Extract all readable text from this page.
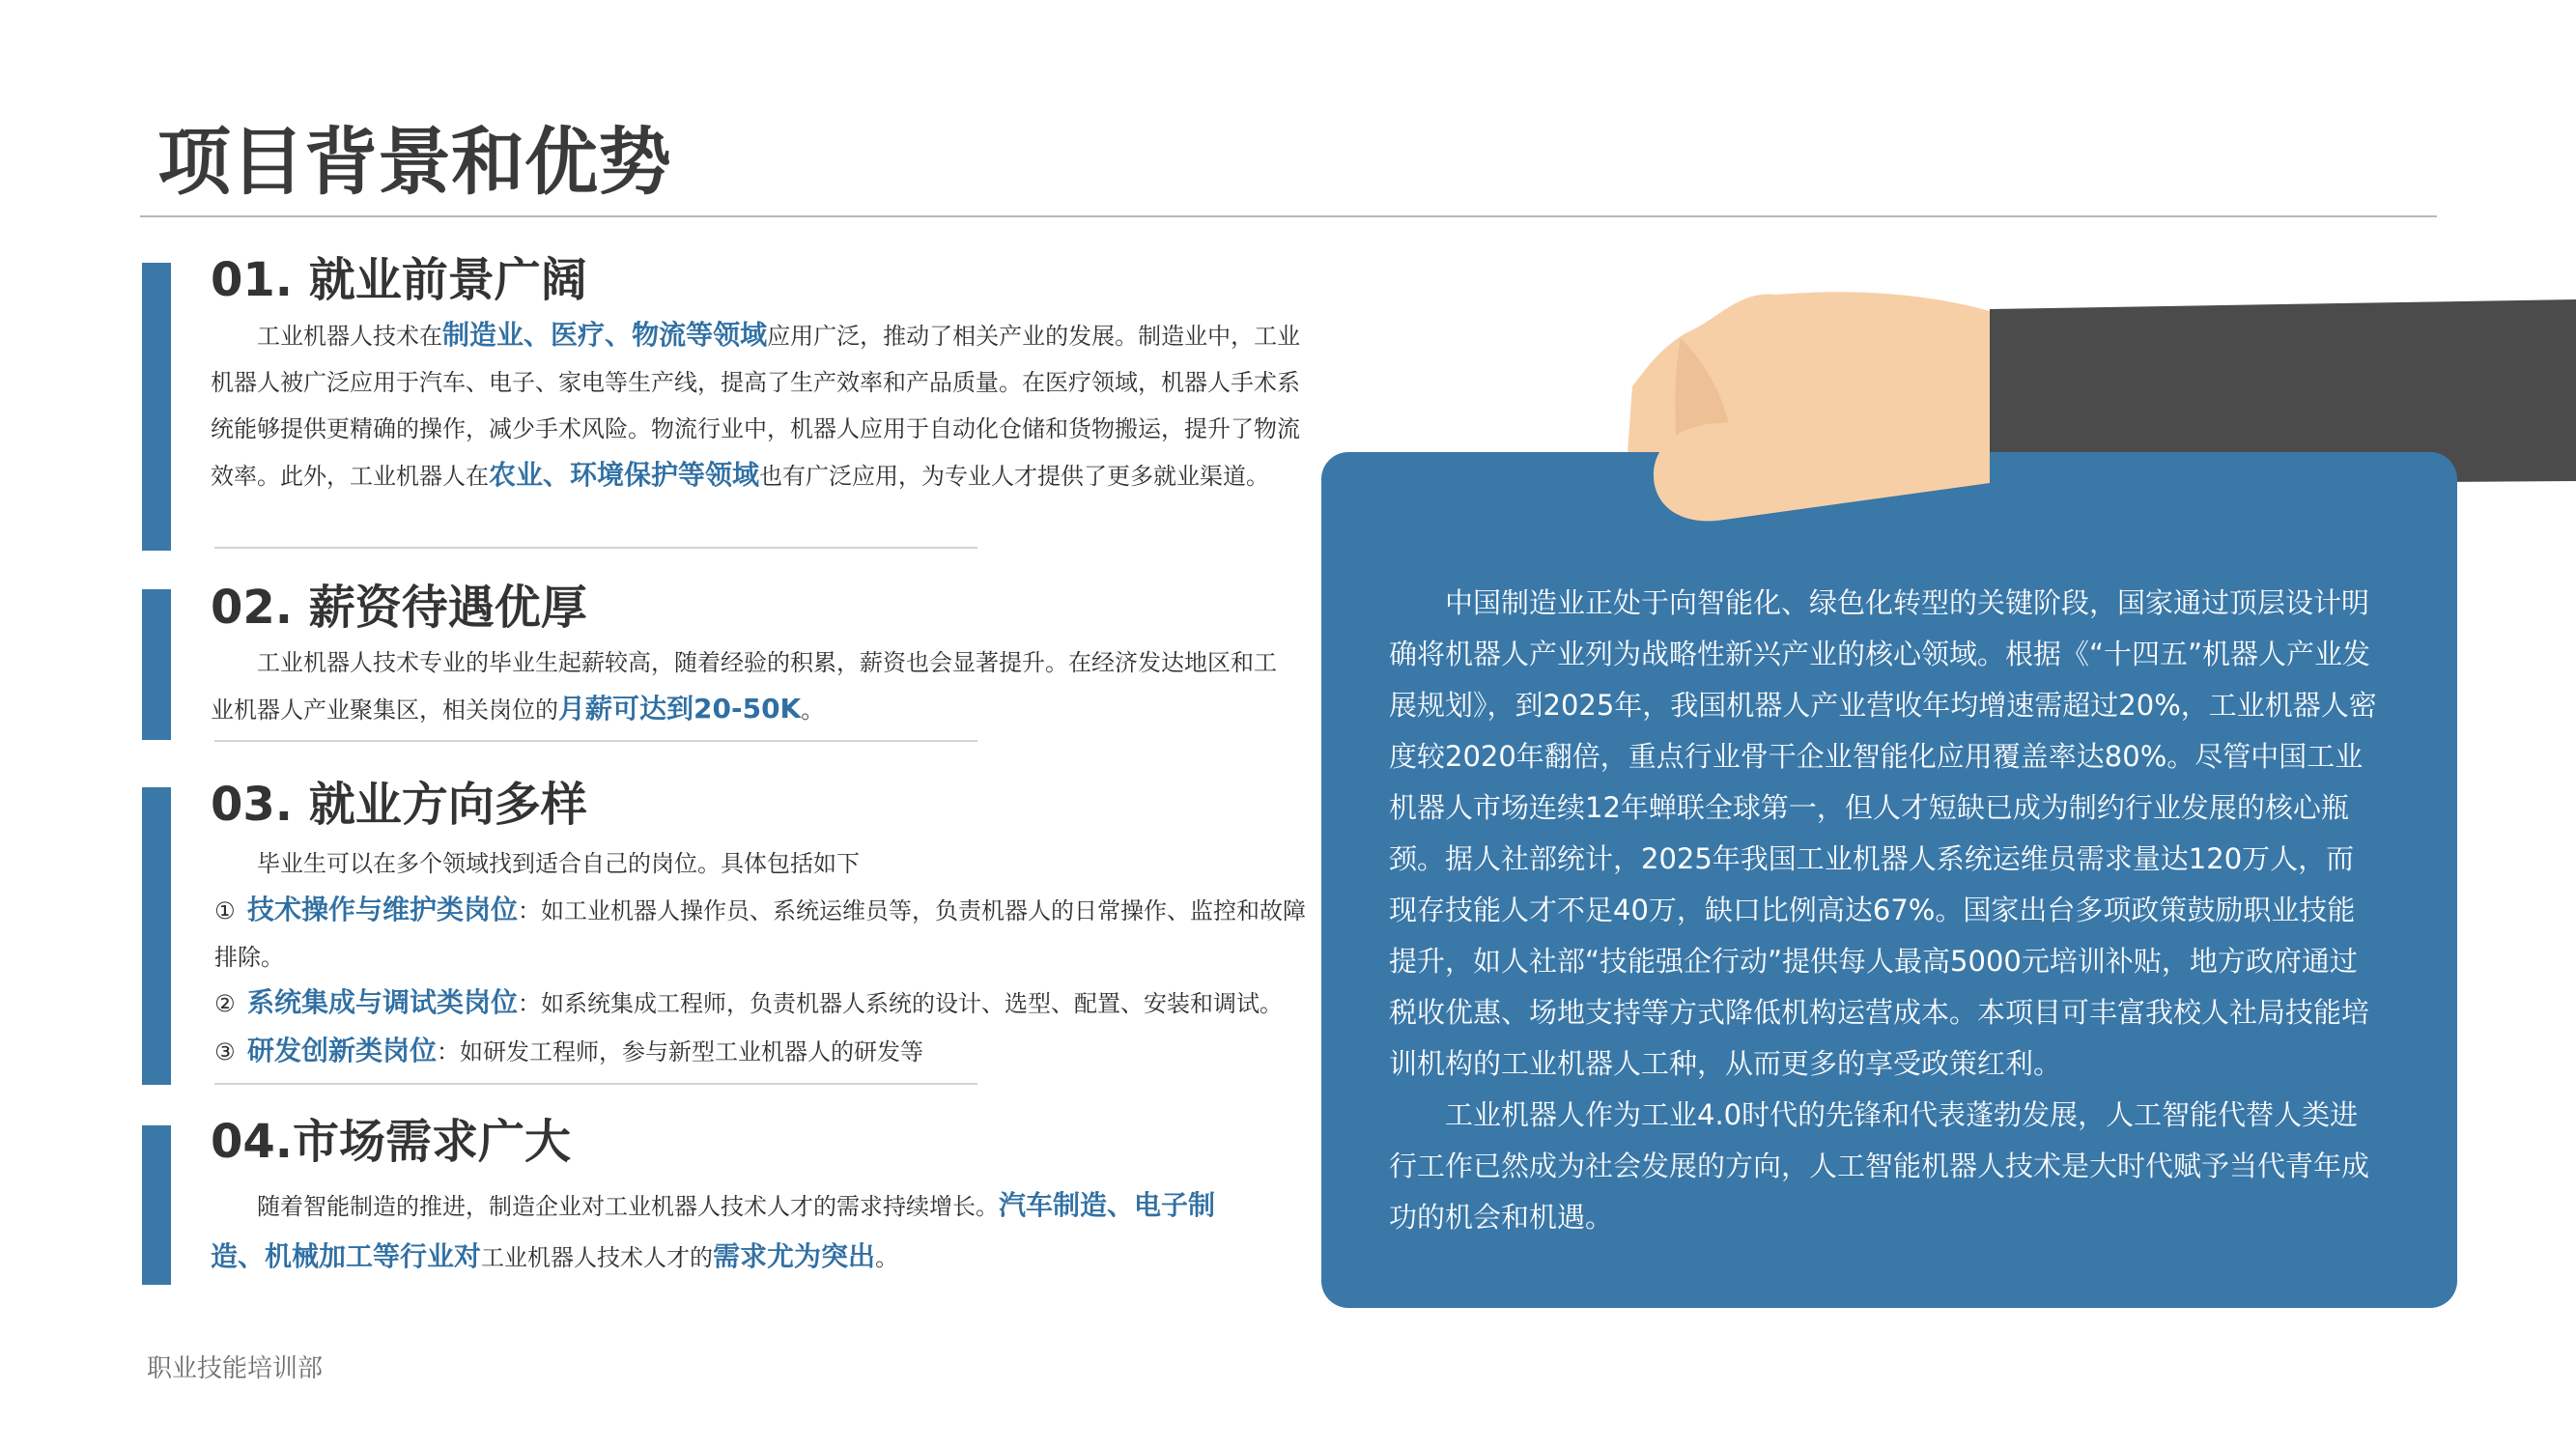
项目背景和优势
01. 就业前景广阔

工业机器人技术在制造业、医疗、物流等领域应用广泛，推动了相关产业的发展。制造业中，工业机器人被广泛应用于汽车、电子、家电等生产线，提高了生产效率和产品质量。在医疗领域，机器人手术系统能够提供更精确的操作，减少手术风险。物流行业中，机器人应用于自动化仓储和货物搬运，提升了物流效率。此外，工业机器人在农业、环境保护等领域也有广泛应用，为专业人才提供了更多就业渠道。

02. 薪资待遇优厚

工业机器人技术专业的毕业生起薪较高，随着经验的积累，薪资也会显著提升。在经济发达地区和工业机器人产业聚集区，相关岗位的月薪可达到20-50K。

03. 就业方向多样

毕业生可以在多个领域找到适合自己的岗位。具体包括如下

① 技术操作与维护类岗位：如工业机器人操作员、系统运维员等，负责机器人的日常操作、监控和故障排除。

② 系统集成与调试类岗位：如系统集成工程师，负责机器人系统的设计、选型、配置、安装和调试。

③ 研发创新类岗位：如研发工程师，参与新型工业机器人的研发等

04.市场需求广大

随着智能制造的推进，制造企业对工业机器人技术人才的需求持续增长。汽车制造、电子制造、机械加工等行业对工业机器人技术人才的需求尤为突出。

职业技能培训部

中国制造业正处于向智能化、绿色化转型的关键阶段，国家通过顶层设计明确将机器人产业列为战略性新兴产业的核心领域。根据《“十四五”机器人产业发展规划》，到2025年，我国机器人产业营收年均增速需超过20%，工业机器人密度较2020年翻倍，重点行业骨干企业智能化应用覆盖率达80%。尽管中国工业机器人市场连续12年蝉联全球第一，但人才短缺已成为制约行业发展的核心瓶颈。据人社部统计，2025年我国工业机器人系统运维员需求量达120万人，而现存技能人才不足40万，缺口比例高达67%。国家出台多项政策鼓励职业技能提升，如人社部“技能强企行动”提供每人最高5000元培训补贴，地方政府通过税收优惠、场地支持等方式降低机构运营成本。本项目可丰富我校人社局技能培训机构的工业机器人工种，从而更多的享受政策红利。

工业机器人作为工业4.0时代的先锋和代表蓬勃发展，人工智能代替人类进行工作已然成为社会发展的方向，人工智能机器人技术是大时代赋予当代青年成功的机会和机遇。
